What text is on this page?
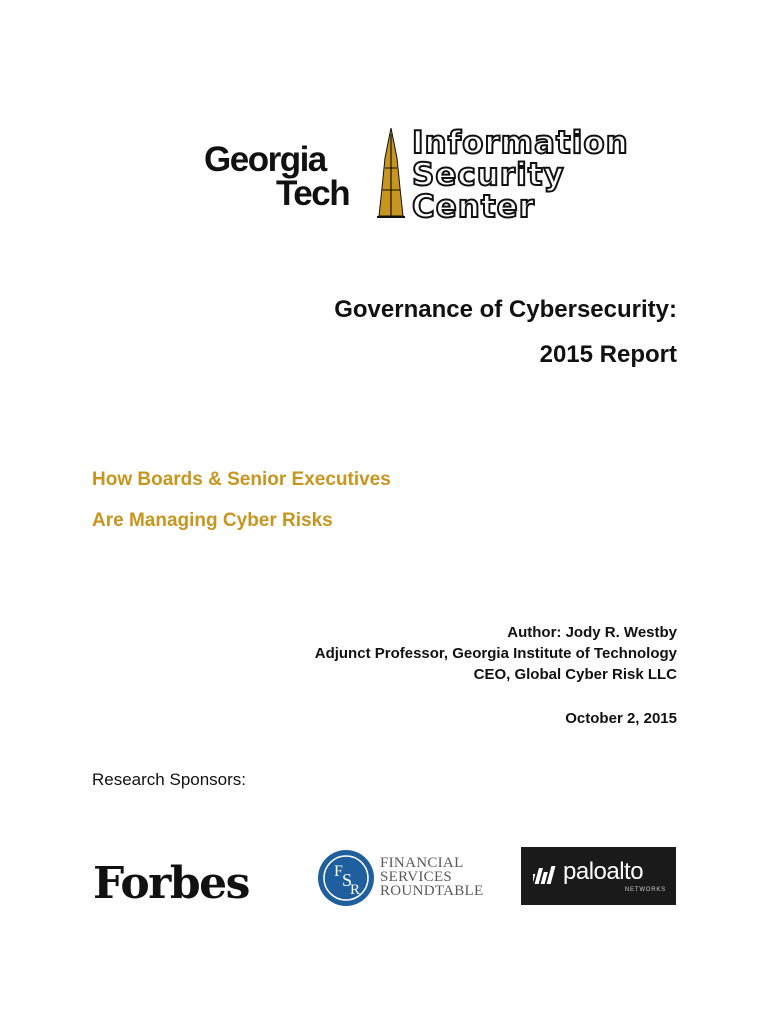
Georgia
Tech
Information
Security
Center
Governance of Cybersecurity:
2015 Report
How Boards & Senior Executives
Are Managing Cyber Risks
Author: Jody R. Westby
Adjunct Professor, Georgia Institute of Technology
CEO, Global Cyber Risk LLC
October 2, 2015
Research Sponsors:
Forbes	F S
R
FINANCIAL
SERVICES
ROUNDTABLE
paloalto
NETWORKS
